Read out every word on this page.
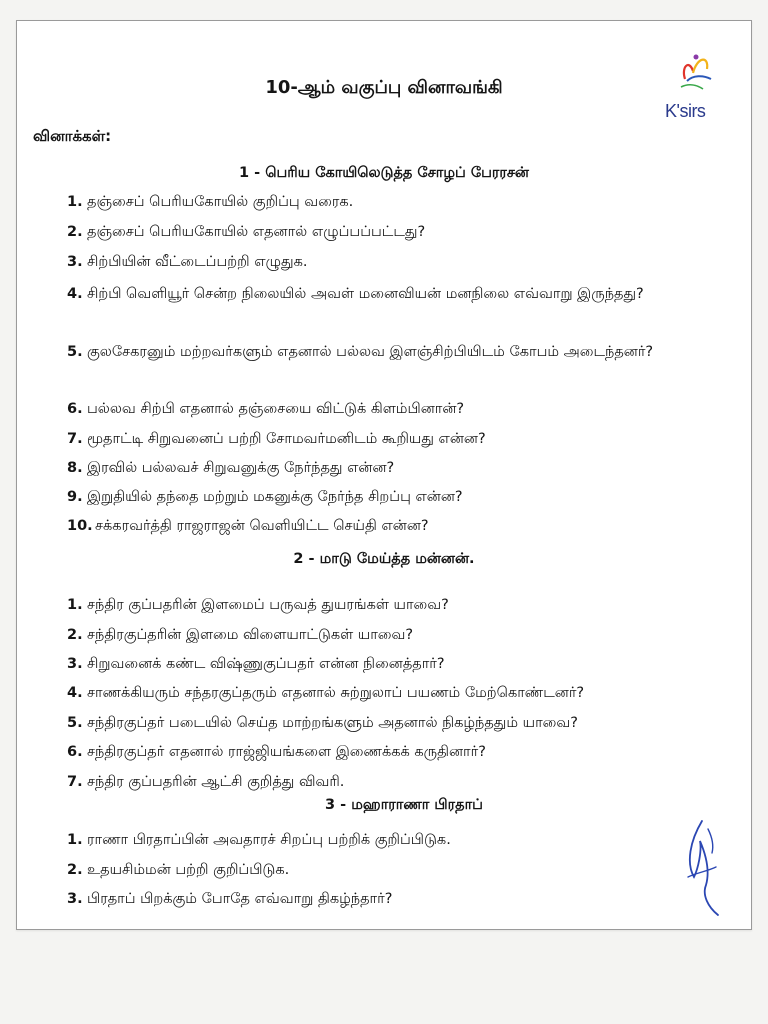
K'sirs
10-ஆம் வகுப்பு வினாவங்கி
வினாக்கள்:
1 - பெரிய கோயிலெடுத்த சோழப் பேரரசன்
1. தஞ்சைப் பெரியகோயில் குறிப்பு வரைக.
2. தஞ்சைப் பெரியகோயில் எதனால் எழுப்பப்பட்டது?
3. சிற்பியின் வீட்டைப்பற்றி எழுதுக.
4. சிற்பி வெளியூர் சென்ற நிலையில் அவள் மனைவியன் மனநிலை எவ்வாறு இருந்தது?
5. குலசேகரனும் மற்றவர்களும் எதனால் பல்லவ இளஞ்சிற்பியிடம் கோபம் அடைந்தனர்?
6. பல்லவ சிற்பி எதனால் தஞ்சையை விட்டுக் கிளம்பினான்?
7. மூதாட்டி சிறுவனைப் பற்றி சோமவர்மனிடம் கூறியது என்ன?
8. இரவில் பல்லவச் சிறுவனுக்கு நேர்ந்தது என்ன?
9. இறுதியில் தந்தை மற்றும் மகனுக்கு நேர்ந்த சிறப்பு என்ன?
10. சக்கரவர்த்தி ராஜராஜன் வெளியிட்ட செய்தி என்ன?
2 - மாடு மேய்த்த மன்னன்.
1. சந்திர குப்பதரின் இளமைப் பருவத் துயரங்கள் யாவை?
2. சந்திரகுப்தரின் இளமை விளையாட்டுகள் யாவை?
3. சிறுவனைக் கண்ட விஷ்ணுகுப்பதர் என்ன நினைத்தார்?
4. சாணக்கியரும் சந்தரகுப்தரும் எதனால் சுற்றுலாப் பயணம் மேற்கொண்டனர்?
5. சந்திரகுப்தர் படையில் செய்த மாற்றங்களும் அதனால் நிகழ்ந்ததும் யாவை?
6. சந்திரகுப்தர் எதனால் ராஜ்ஜியங்களை இணைக்கக் கருதினார்?
7. சந்திர குப்பதரின் ஆட்சி குறித்து விவரி.
3 - மஹாராணா பிரதாப்
1. ராணா பிரதாப்பின் அவதாரச் சிறப்பு பற்றிக் குறிப்பிடுக.
2. உதயசிம்மன் பற்றி குறிப்பிடுக.
3. பிரதாப் பிறக்கும் போதே எவ்வாறு திகழ்ந்தார்?
